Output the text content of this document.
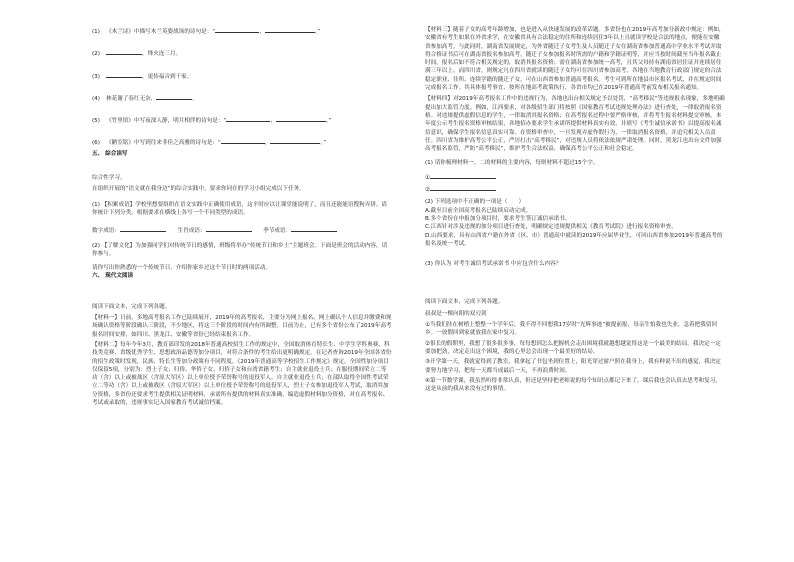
(1) 《木兰诗》中描写木兰英姿战场的诗句是：“	，	。”
(2)	，烽火连三月。
(3)	，更传福音到千家。
(4) 林花谢了春红无奈，	。
(5) 《竹里馆》中写夜深人静，明月相伴的诗句是：“	，	。”
(6) 《陋室铭》中写到往来非佳之高雅的诗句是：“	，	。”

五、 综合读写

综合性学习。

在组织开展的“语文就在我身边”的综合实践中，要求你同在的学习小组完成以下任务。

(1) 【积累成语】学校里想要组织在语文实践中正确使用成语，这平时应以让课堂能说明了，而且还能能语搜狗弄拼。请你统计下列分类，根据要求在横线上各写一个不同类型的成语。

数字成语：	生肖成语：	季节成语：

(2) 【了解文化】为加强同学们对传统节日的感情，班级将举办“传统节日和乡土”主题班会。下面是班会的活动内容，请你参与。

请你写出你熟悉的一个传统节日，介绍你家乡过这个节日时的两项活动。

六、 现代文阅读

阅读下面文本，完成下列各题。

【材料一】日前，多地高考报名工作已陆续展开，2019年的高考报名，主要分为网上报名、网上确认个人信息并缴费和现场确认资格等阶段确认三阶段，不少地区，将这三个阶段的时间内有所调整。目前为止，已有多个省份公布了2019年高考报名时间安排，如四川、黑龙江、安徽等省份已经结束报名工作。

【材料二】每年今年3月，教育部印发的2018年普通高校招生工作的规定中，全国取消体育特长生、中学生学科奥赛、科技类竞赛、省级优秀学生、思想政治品德等加分项目，对符合条件的考生给出更明确规定。在记者查询2019年全国各省份的招生政策时发现，民族、特长生等加分政策有不同程度。《2019年普通高等学校招生工作规定》规定，全国性加分项目仅保留5项，分别为：烈士子女；归侨、华侨子女、归侨子女和台湾省籍考生；自主就业退役士兵；在服役期间荣立二等功（含）以上或被战区（含原大军区）以上单位授予荣誉称号的退役军人。自主就业退役士兵；在部队取得全国性考试荣立二等功（含）以上或被战区（含原大军区）以上单位授予荣誉称号的退役军人，烈士子女参加退役军人考试，取消其加分资格，多省份还要求考生提供相关证明材料，承诺所有提供的材料真实准确，编造虚假材料加分资格，对在高考报名、考试或录取的，违规事实记入国家教育考试诚信档案。

【材料三】随着子女的高考年龄增加，也是进入从快速发展的改革话题。多省份也在2019年高考加分新政中规定：例如，安徽省有考生如果在外省求学，在安徽省具有合法稳定的住所和连续居住3年以上且就读学校是合法的地点，便能在安徽省参加高考。与此同时，湖南省发展规定，为外省随迁子女考生及人员随迁子女在湖南省参加普通高中学业水平考试并取得合格证书后可在湖南省报名参加高考，随迁子女参加报名时所需的户籍和学籍证明等，并应当按时间截至当年报名截止时间。报名后如不符合相关规定的，取消其报名资格；需在湖南省参加统一高考，且其父母持有湖南省居住证并连续居住满三年以上。而四川省，则规定凡在四川省就读的随迁子女均可在四川省参加高考，各地在当地教育行政部门规定的合法稳定职业、住所、连续学籍的随迁子女，可在山西省参加普通高考报名。考生可到所在地县市区报名考试，并在规定时间完成报名工作。其具体报考事宜，按所在地高考政策执行，各省市均已在2019年普通高考前发布相关报名通知。

【材料四】对2019年高考报名工作中的违规行为，各地也出台相关规定予以处罚，“高考移民”等违规报名现象，多地明确提出加大监管力度。例如，江西要求，对各级招生部门将按照《国家教育考试违规处理办法》进行查处，一律取消报名资格。对违规提供虚假信息的学生，一律取消其报名资格；在高考报名过程中要严格审核，并将考生报名材料提交审核。本年度公示考生报名资格审核结果，各地招办要求学生承诺所提供材料真实有效，并填写《考生诚信承诺书》以提高报名诚信意识，确保学生报名信息真实可靠。在资格审查中，一旦发现弄虚作假行为，一律取消报名资格，并追究相关人员责任。四川省为维护高考公平公正，严厉打击“高考移民”，对违规人员将依法依规严肃处理。同时，黑龙江也出台文件加强高考报名监管，严防“高考移民”，维护考生合法权益，确保高考公平公正和社会稳定。

(1) 请你梳理材料一、二的材料的主要内容，每则材料不超过15个字。

①
②

(2) 下列选项中不正确的一项是（　　）

A.截至目前全国高考报名已陆续启动完成。

B.多个省份在申报加分项目时，要求考生签订诚信承诺书。

C.江西针对涉及违规的加分项目进行查处，明确规定违规提供相关《教育考试院》进行报名资格审查。

D.山西要求，具有山西省户籍在外省（区、市）普通高中就读的2019年应届毕业生，可回山西省参加2019年普通高考的报名及统一考试。

(3) 你认为 对考生诚信考试承诺书 中应包含什么内容？

阅读下面文本，完成下列各题。

叔叔是一棵向阳的双刃剑

①当我们挂在树梢上整整一个学年后，我不得不回想我17岁时“光辉事迹”被提前报，母亲生怕我也失业，急着把我留回乡。一放假回到家就放我在家中复习。

②很长的假期里，我想了很多很多事，每每想到怎么把握机会走出困境我就越想越觉得这是一个最美的结局。我决定一定要加把劲，决定走出这个困境，我的心里总会出现一个最美好的结局。

③开学第一天，我就觉得到了教室，我拿起了书包坐到位置上，阳光穿过窗户照在我身上，我有种说不出的感觉，我决定要努力地学习，把每一天都当成最后一天，不再浪费时间。

④第一节数学课，我虽然听得非常认真，但还是坚持把老师说的每个知识点都记下来了，课后我也会认真去思考和复习，这是从前的我从来没有过的事情。
